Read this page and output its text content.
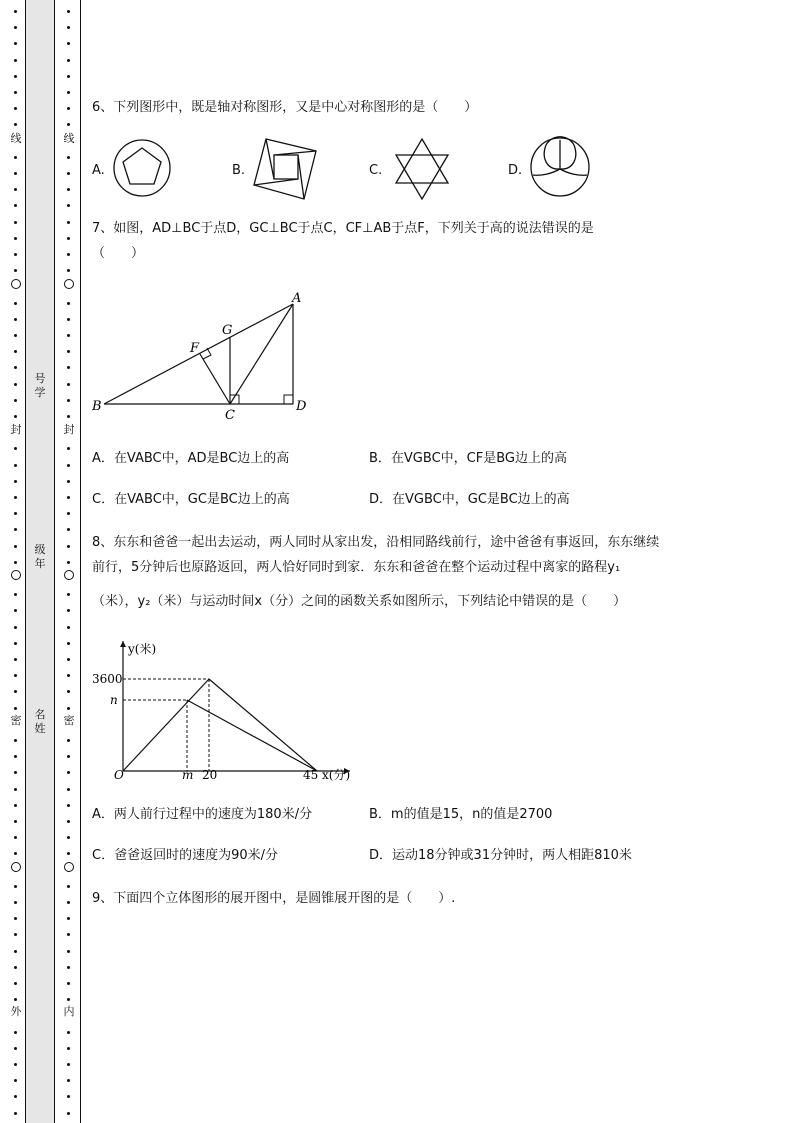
线
封
密
外
线
封
密
内
号学
级年
名姓
6、下列图形中，既是轴对称图形，又是中心对称图形的是（　　）
A.	B.	C.	D.
7、如图，AD⊥BC于点D，GC⊥BC于点C，CF⊥AB于点F，下列关于高的说法错误的是
（　　）
A
B
C
D
F
G
A．在VABC中，AD是BC边上的高	B．在VGBC中，CF是BG边上的高
C．在VABC中，GC是BC边上的高	D．在VGBC中，GC是BC边上的高
8、东东和爸爸一起出去运动，两人同时从家出发，沿相同路线前行，途中爸爸有事返回，东东继续
前行，5分钟后也原路返回，两人恰好同时到家．东东和爸爸在整个运动过程中离家的路程y₁
（米），y₂（米）与运动时间x（分）之间的函数关系如图所示，下列结论中错误的是（　　）
y(米)
x(分)
3600
n
O	m 20	45
A．两人前行过程中的速度为180米/分	B．m的值是15，n的值是2700
C．爸爸返回时的速度为90米/分	D．运动18分钟或31分钟时，两人相距810米
9、下面四个立体图形的展开图中，是圆锥展开图的是（　　）.
